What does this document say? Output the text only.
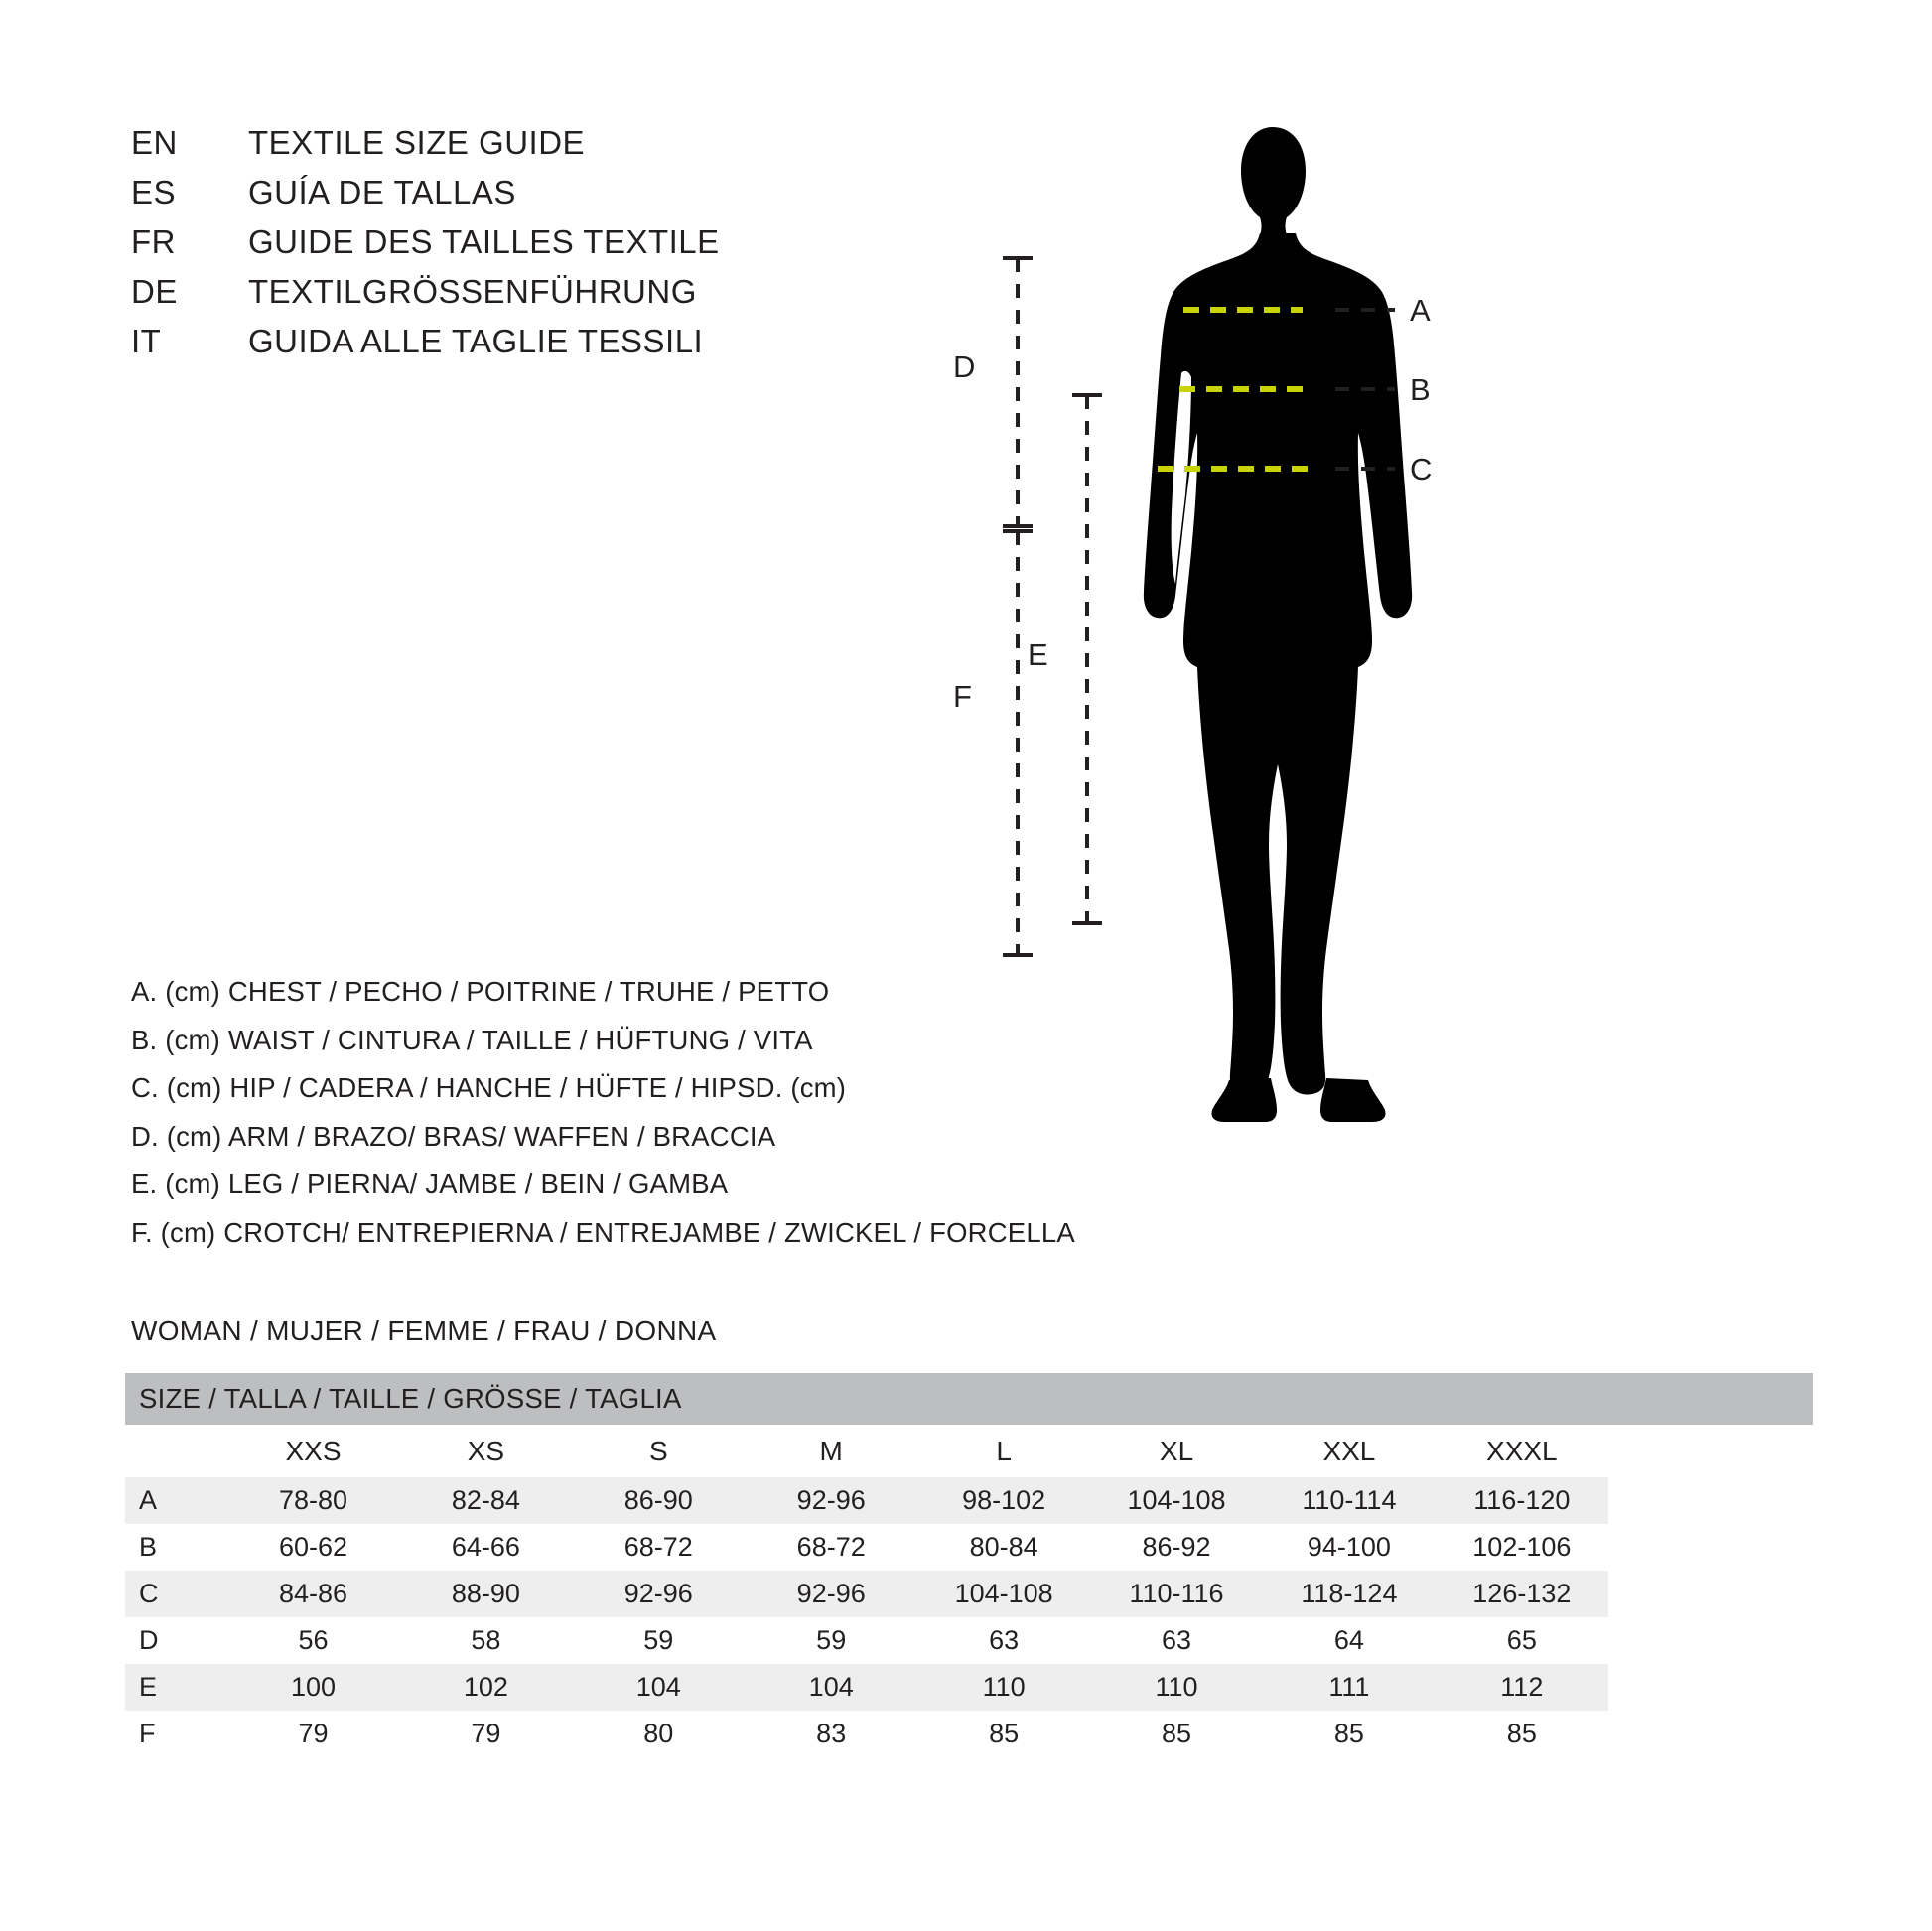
EN	TEXTILE SIZE GUIDE
ES	GUÍA DE TALLAS
FR	GUIDE DES TAILLES TEXTILE
DE	TEXTILGRÖSSENFÜHRUNG
IT	GUIDA ALLE TAGLIE TESSILI
A. (cm) CHEST / PECHO / POITRINE / TRUHE / PETTO
B. (cm) WAIST / CINTURA / TAILLE / HÜFTUNG / VITA
C. (cm) HIP / CADERA / HANCHE / HÜFTE / HIPSD. (cm)
D. (cm) ARM / BRAZO/ BRAS/ WAFFEN / BRACCIA
E. (cm) LEG / PIERNA/ JAMBE / BEIN / GAMBA
F. (cm) CROTCH/ ENTREPIERNA / ENTREJAMBE / ZWICKEL / FORCELLA
WOMAN / MUJER / FEMME / FRAU / DONNA
SIZE / TALLA / TAILLE / GRÖSSE / TAGLIA									
	XXS	XS	S	M	L	XL	XXL	XXXL	
A	78-80	82-84	86-90	92-96	98-102	104-108	110-114	116-120	
B	60-62	64-66	68-72	68-72	80-84	86-92	94-100	102-106	
C	84-86	88-90	92-96	92-96	104-108	110-116	118-124	126-132	
D	56	58	59	59	63	63	64	65	
E	100	102	104	104	110	110	111	112	
F	79	79	80	83	85	85	85	85	
A
B
C
D
E
F
